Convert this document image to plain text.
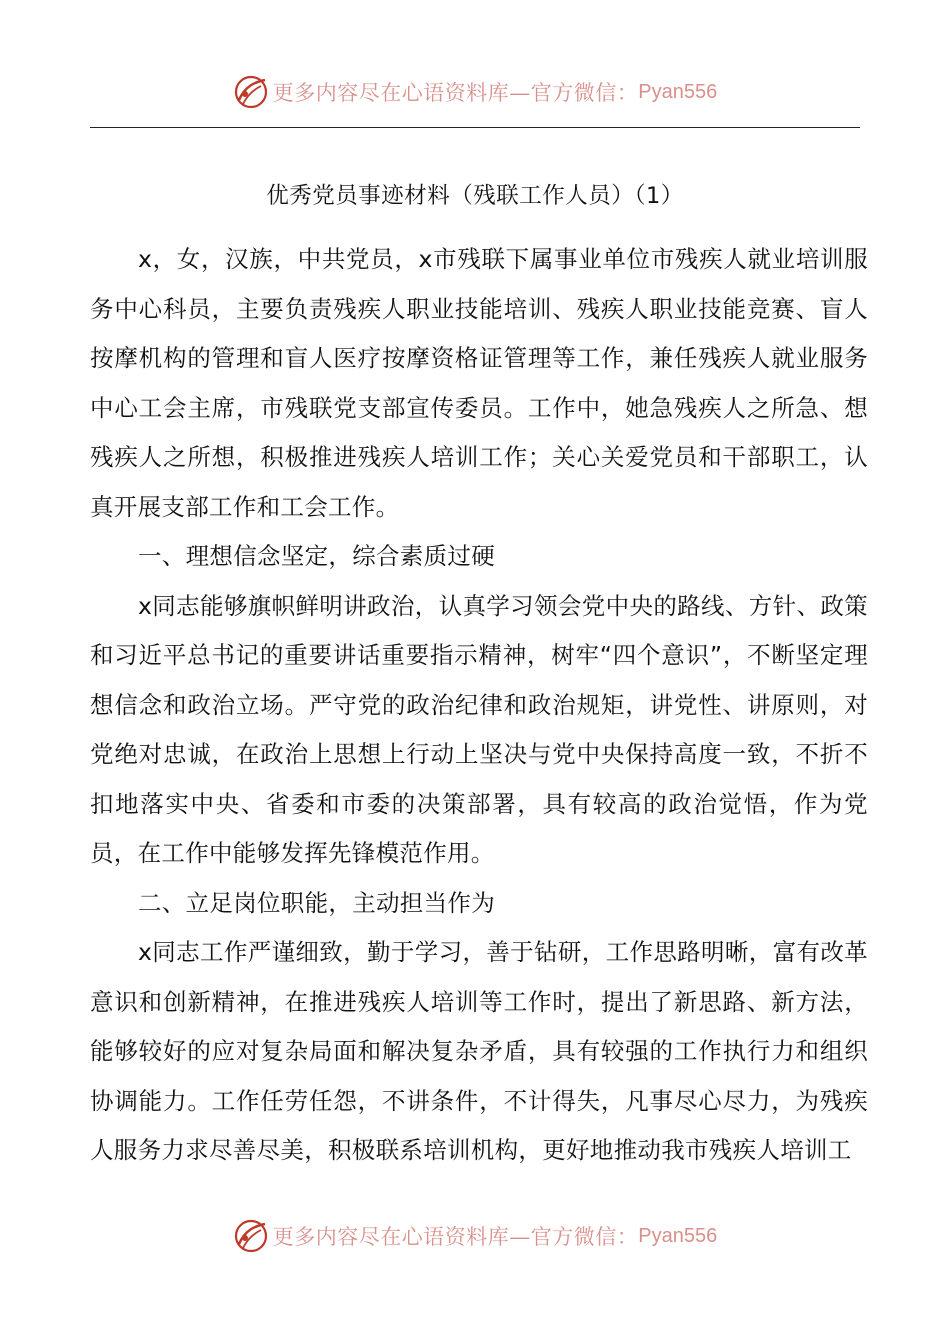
更多内容尽在心语资料库—官方微信： Pyan556
优秀党员事迹材料（残联工作人员）（1）

x，女，汉族，中共党员，x市残联下属事业单位市残疾人就业培训服务中心科员，主要负责残疾人职业技能培训、残疾人职业技能竞赛、盲人按摩机构的管理和盲人医疗按摩资格证管理等工作，兼任残疾人就业服务中心工会主席，市残联党支部宣传委员。工作中，她急残疾人之所急、想残疾人之所想，积极推进残疾人培训工作；关心关爱党员和干部职工，认真开展支部工作和工会工作。

一、理想信念坚定，综合素质过硬

x同志能够旗帜鲜明讲政治，认真学习领会党中央的路线、方针、政策和习近平总书记的重要讲话重要指示精神，树牢“四个意识”，不断坚定理想信念和政治立场。严守党的政治纪律和政治规矩，讲党性、讲原则，对党绝对忠诚，在政治上思想上行动上坚决与党中央保持高度一致，不折不扣地落实中央、省委和市委的决策部署，具有较高的政治觉悟，作为党员，在工作中能够发挥先锋模范作用。

二、立足岗位职能，主动担当作为

x同志工作严谨细致，勤于学习，善于钻研，工作思路明晰，富有改革意识和创新精神，在推进残疾人培训等工作时，提出了新思路、新方法，能够较好的应对复杂局面和解决复杂矛盾，具有较强的工作执行力和组织协调能力。工作任劳任怨，不讲条件，不计得失，凡事尽心尽力，为残疾人服务力求尽善尽美，积极联系培训机构，更好地推动我市残疾人培训工

更多内容尽在心语资料库—官方微信： Pyan556
